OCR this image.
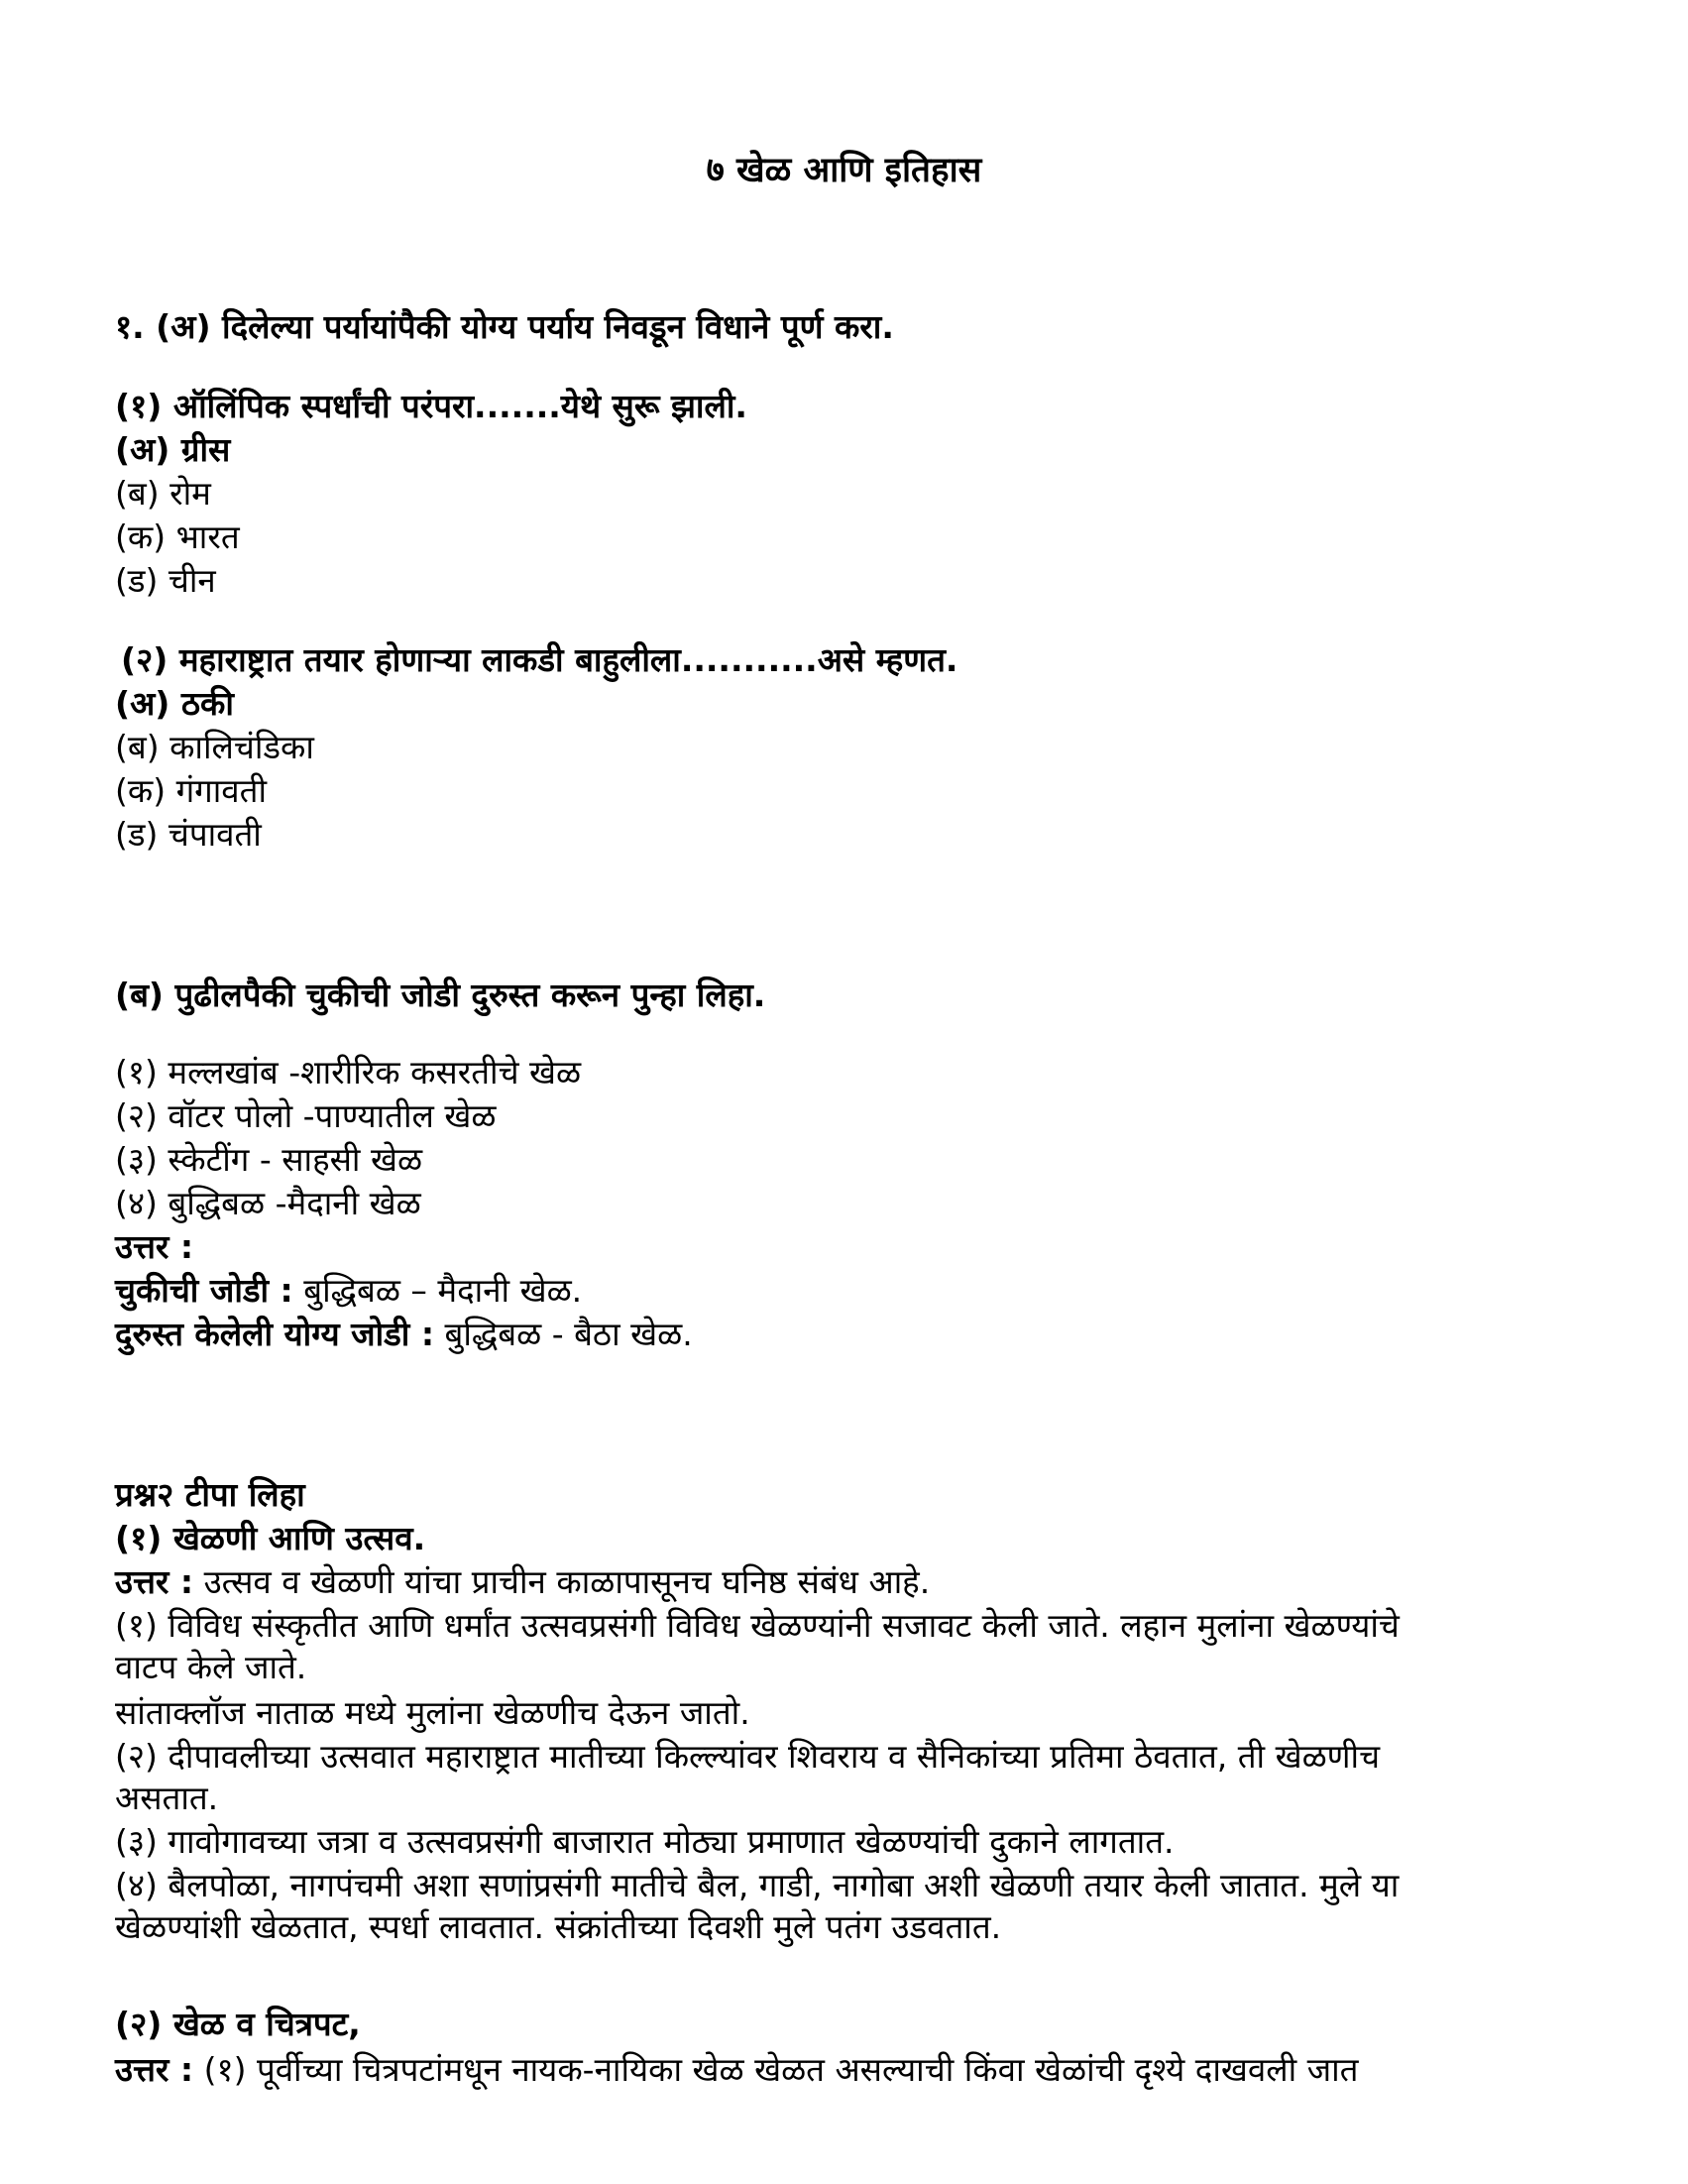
७ खेळ आणि इतिहास
१. (अ) दिलेल्या पर्यायांपैकी योग्य पर्याय निवडून विधाने पूर्ण करा.
(१) ऑलिंपिक स्पर्धांची परंपरा.......येथे सुरू झाली.
(अ) ग्रीस
(ब) रोम
(क) भारत
(ड) चीन
(२) महाराष्ट्रात तयार होणाऱ्या लाकडी बाहुलीला...........असे म्हणत.
(अ) ठकी
(ब) कालिचंडिका
(क) गंगावती
(ड) चंपावती
(ब) पुढीलपैकी चुकीची जोडी दुरुस्त करून पुन्हा लिहा.
(१) मल्लखांब -शारीरिक कसरतीचे खेळ
(२) वॉटर पोलो -पाण्यातील खेळ
(३) स्केटींग - साहसी खेळ
(४) बुद्धिबळ -मैदानी खेळ
उत्तर :
चुकीची जोडी : बुद्धिबळ – मैदानी खेळ.
दुरुस्त केलेली योग्य जोडी : बुद्धिबळ - बैठा खेळ.
प्रश्न२ टीपा लिहा
(१) खेळणी आणि उत्सव.
उत्तर : उत्सव व खेळणी यांचा प्राचीन काळापासूनच घनिष्ठ संबंध आहे.
(१) विविध संस्कृतीत आणि धर्मांत उत्सवप्रसंगी विविध खेळण्यांनी सजावट केली जाते. लहान मुलांना खेळण्यांचे
वाटप केले जाते.
सांताक्लॉज नाताळ मध्ये मुलांना खेळणीच देऊन जातो.
(२) दीपावलीच्या उत्सवात महाराष्ट्रात मातीच्या किल्ल्यांवर शिवराय व सैनिकांच्या प्रतिमा ठेवतात, ती खेळणीच
असतात.
(३) गावोगावच्या जत्रा व उत्सवप्रसंगी बाजारात मोठ्या प्रमाणात खेळण्यांची दुकाने लागतात.
(४) बैलपोळा, नागपंचमी अशा सणांप्रसंगी मातीचे बैल, गाडी, नागोबा अशी खेळणी तयार केली जातात. मुले या
खेळण्यांशी खेळतात, स्पर्धा लावतात. संक्रांतीच्या दिवशी मुले पतंग उडवतात.
(२) खेळ व चित्रपट,
उत्तर : (१) पूर्वीच्या चित्रपटांमधून नायक-नायिका खेळ खेळत असल्याची किंवा खेळांची दृश्ये दाखवली जात
